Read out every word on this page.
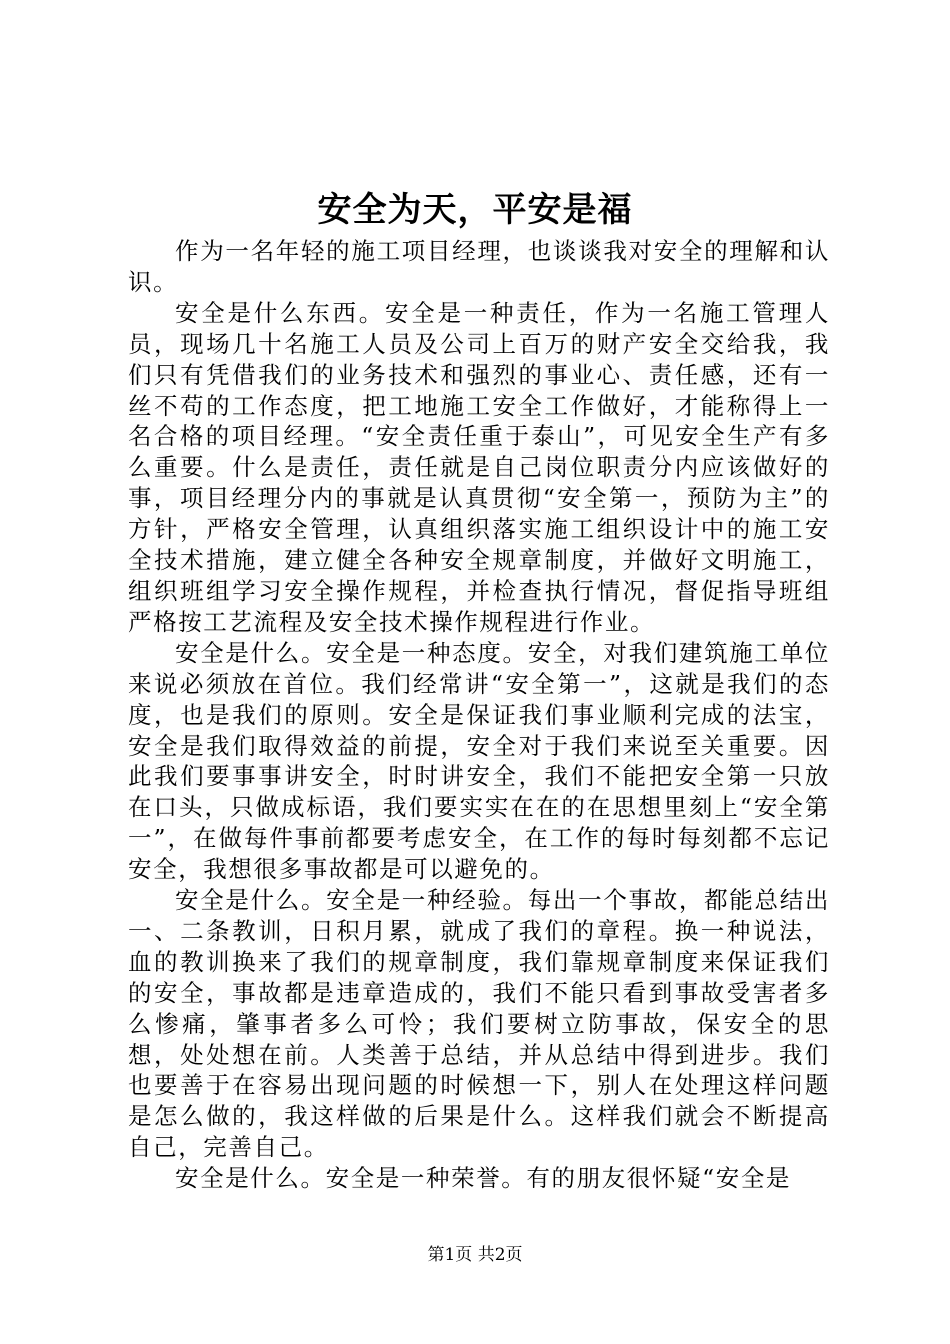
安全为天，平安是福

作为一名年轻的施工项目经理，也谈谈我对安全的理解和认识。

安全是什么东西。安全是一种责任，作为一名施工管理人员，现场几十名施工人员及公司上百万的财产安全交给我，我们只有凭借我们的业务技术和强烈的事业心、责任感，还有一丝不苟的工作态度，把工地施工安全工作做好，才能称得上一名合格的项目经理。“安全责任重于泰山”，可见安全生产有多么重要。什么是责任，责任就是自己岗位职责分内应该做好的事，项目经理分内的事就是认真贯彻“安全第一，预防为主”的方针，严格安全管理，认真组织落实施工组织设计中的施工安全技术措施，建立健全各种安全规章制度，并做好文明施工，组织班组学习安全操作规程，并检查执行情况，督促指导班组严格按工艺流程及安全技术操作规程进行作业。

安全是什么。安全是一种态度。安全，对我们建筑施工单位来说必须放在首位。我们经常讲“安全第一”，这就是我们的态度，也是我们的原则。安全是保证我们事业顺利完成的法宝，安全是我们取得效益的前提，安全对于我们来说至关重要。因此我们要事事讲安全，时时讲安全，我们不能把安全第一只放在口头，只做成标语，我们要实实在在的在思想里刻上“安全第一”，在做每件事前都要考虑安全，在工作的每时每刻都不忘记安全，我想很多事故都是可以避免的。

安全是什么。安全是一种经验。每出一个事故，都能总结出一、二条教训，日积月累，就成了我们的章程。换一种说法，血的教训换来了我们的规章制度，我们靠规章制度来保证我们的安全，事故都是违章造成的，我们不能只看到事故受害者多么惨痛，肇事者多么可怜；我们要树立防事故，保安全的思想，处处想在前。人类善于总结，并从总结中得到进步。我们也要善于在容易出现问题的时候想一下，别人在处理这样问题是怎么做的，我这样做的后果是什么。这样我们就会不断提高自己，完善自己。

安全是什么。安全是一种荣誉。有的朋友很怀疑“安全是

第1页 共2页
